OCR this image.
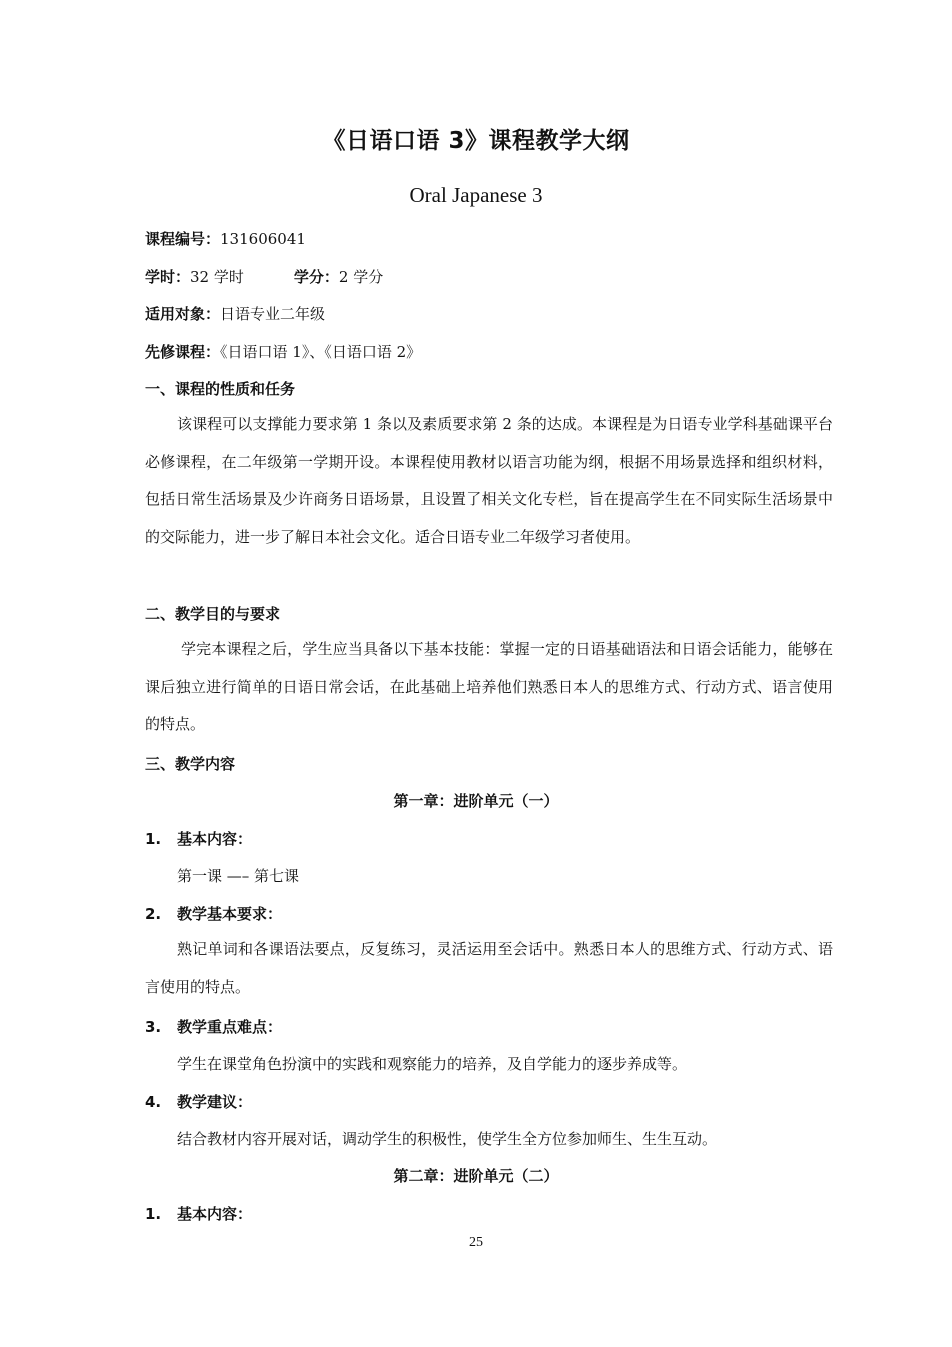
《日语口语 3》课程教学大纲
Oral Japanese 3
课程编号：131606041
学时：32 学时	学分：2 学分
适用对象：日语专业二年级
先修课程：《日语口语 1》、《日语口语 2》
一、课程的性质和任务

该课程可以支撑能力要求第 1 条以及素质要求第 2 条的达成。本课程是为日语专业学科基础课平台必修课程，在二年级第一学期开设。本课程使用教材以语言功能为纲，根据不用场景选择和组织材料，包括日常生活场景及少许商务日语场景，且设置了相关文化专栏，旨在提高学生在不同实际生活场景中的交际能力，进一步了解日本社会文化。适合日语专业二年级学习者使用。

二、教学目的与要求

学完本课程之后，学生应当具备以下基本技能：掌握一定的日语基础语法和日语会话能力，能够在课后独立进行简单的日语日常会话，在此基础上培养他们熟悉日本人的思维方式、行动方式、语言使用的特点。

三、教学内容
第一章：进阶单元（一）
1. 基本内容：
第一课 —– 第七课
2. 教学基本要求：

熟记单词和各课语法要点，反复练习，灵活运用至会话中。熟悉日本人的思维方式、行动方式、语言使用的特点。

3. 教学重点难点：
学生在课堂角色扮演中的实践和观察能力的培养，及自学能力的逐步养成等。
4. 教学建议：
结合教材内容开展对话，调动学生的积极性，使学生全方位参加师生、生生互动。
第二章：进阶单元（二）
1. 基本内容：
25
